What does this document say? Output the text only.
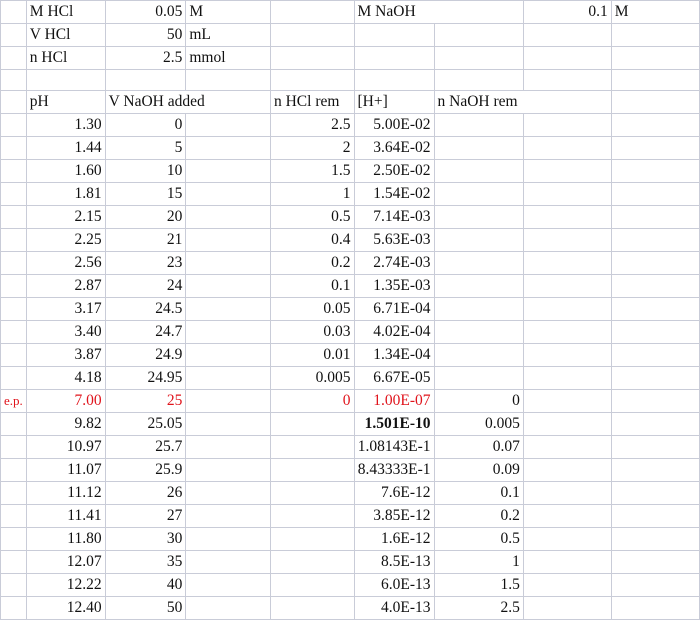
	M HCl	0.05	M		M NaOH		0.1	M
	V HCl	50	mL					
	n HCl	2.5	mmol					

	pH	V NaOH added		n HCl rem	[H+]	n NaOH rem		
	1.30	0		2.5	5.00E-02			
	1.44	5		2	3.64E-02			
	1.60	10		1.5	2.50E-02			
	1.81	15		1	1.54E-02			
	2.15	20		0.5	7.14E-03			
	2.25	21		0.4	5.63E-03			
	2.56	23		0.2	2.74E-03			
	2.87	24		0.1	1.35E-03			
	3.17	24.5		0.05	6.71E-04			
	3.40	24.7		0.03	4.02E-04			
	3.87	24.9		0.01	1.34E-04			
	4.18	24.95		0.005	6.67E-05			
e.p.	7.00	25		0	1.00E-07	0		
	9.82	25.05			1.501E-10	0.005		
	10.97	25.7			1.08143E-1	0.07		
	11.07	25.9			8.43333E-1	0.09		
	11.12	26			7.6E-12	0.1		
	11.41	27			3.85E-12	0.2		
	11.80	30			1.6E-12	0.5		
	12.07	35			8.5E-13	1		
	12.22	40			6.0E-13	1.5		
	12.40	50			4.0E-13	2.5		
